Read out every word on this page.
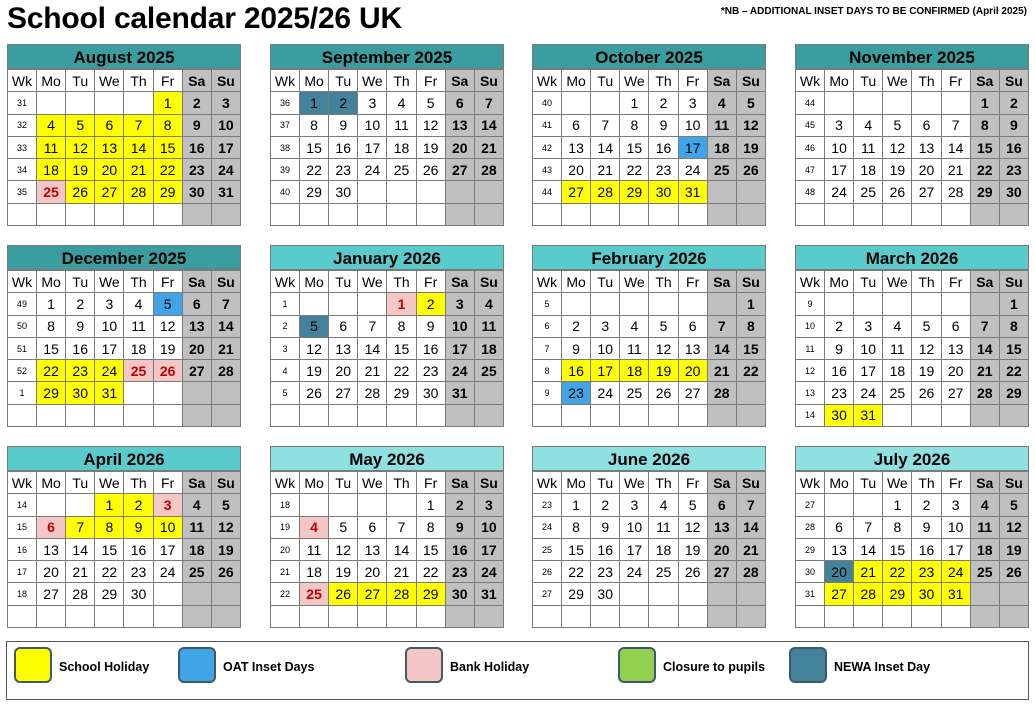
School calendar 2025/26 UK	*NB – ADDITIONAL INSET DAYS TO BE CONFIRMED (April 2025)
August 2025
Wk	Mo	Tu	We	Th	Fr	Sa	Su
31					1	2	3
32	4	5	6	7	8	9	10
33	11	12	13	14	15	16	17
34	18	19	20	21	22	23	24
35	25	26	27	28	29	30	31

September 2025
Wk	Mo	Tu	We	Th	Fr	Sa	Su
36	1	2	3	4	5	6	7
37	8	9	10	11	12	13	14
38	15	16	17	18	19	20	21
39	22	23	24	25	26	27	28
40	29	30					

October 2025
Wk	Mo	Tu	We	Th	Fr	Sa	Su
40			1	2	3	4	5
41	6	7	8	9	10	11	12
42	13	14	15	16	17	18	19
43	20	21	22	23	24	25	26
44	27	28	29	30	31		

November 2025
Wk	Mo	Tu	We	Th	Fr	Sa	Su
44						1	2
45	3	4	5	6	7	8	9
46	10	11	12	13	14	15	16
47	17	18	19	20	21	22	23
48	24	25	26	27	28	29	30

December 2025
Wk	Mo	Tu	We	Th	Fr	Sa	Su
49	1	2	3	4	5	6	7
50	8	9	10	11	12	13	14
51	15	16	17	18	19	20	21
52	22	23	24	25	26	27	28
1	29	30	31				

January 2026
Wk	Mo	Tu	We	Th	Fr	Sa	Su
1				1	2	3	4
2	5	6	7	8	9	10	11
3	12	13	14	15	16	17	18
4	19	20	21	22	23	24	25
5	26	27	28	29	30	31	

February 2026
Wk	Mo	Tu	We	Th	Fr	Sa	Su
5							1
6	2	3	4	5	6	7	8
7	9	10	11	12	13	14	15
8	16	17	18	19	20	21	22
9	23	24	25	26	27	28	

March 2026
Wk	Mo	Tu	We	Th	Fr	Sa	Su
9							1
10	2	3	4	5	6	7	8
11	9	10	11	12	13	14	15
12	16	17	18	19	20	21	22
13	23	24	25	26	27	28	29
14	30	31					
April 2026
Wk	Mo	Tu	We	Th	Fr	Sa	Su
14			1	2	3	4	5
15	6	7	8	9	10	11	12
16	13	14	15	16	17	18	19
17	20	21	22	23	24	25	26
18	27	28	29	30			

May 2026
Wk	Mo	Tu	We	Th	Fr	Sa	Su
18					1	2	3
19	4	5	6	7	8	9	10
20	11	12	13	14	15	16	17
21	18	19	20	21	22	23	24
22	25	26	27	28	29	30	31

June 2026
Wk	Mo	Tu	We	Th	Fr	Sa	Su
23	1	2	3	4	5	6	7
24	8	9	10	11	12	13	14
25	15	16	17	18	19	20	21
26	22	23	24	25	26	27	28
27	29	30					

July 2026
Wk	Mo	Tu	We	Th	Fr	Sa	Su
27			1	2	3	4	5
28	6	7	8	9	10	11	12
29	13	14	15	16	17	18	19
30	20	21	22	23	24	25	26
31	27	28	29	30	31		

School Holiday	OAT Inset Days	Bank Holiday	Closure to pupils	NEWA Inset Day
